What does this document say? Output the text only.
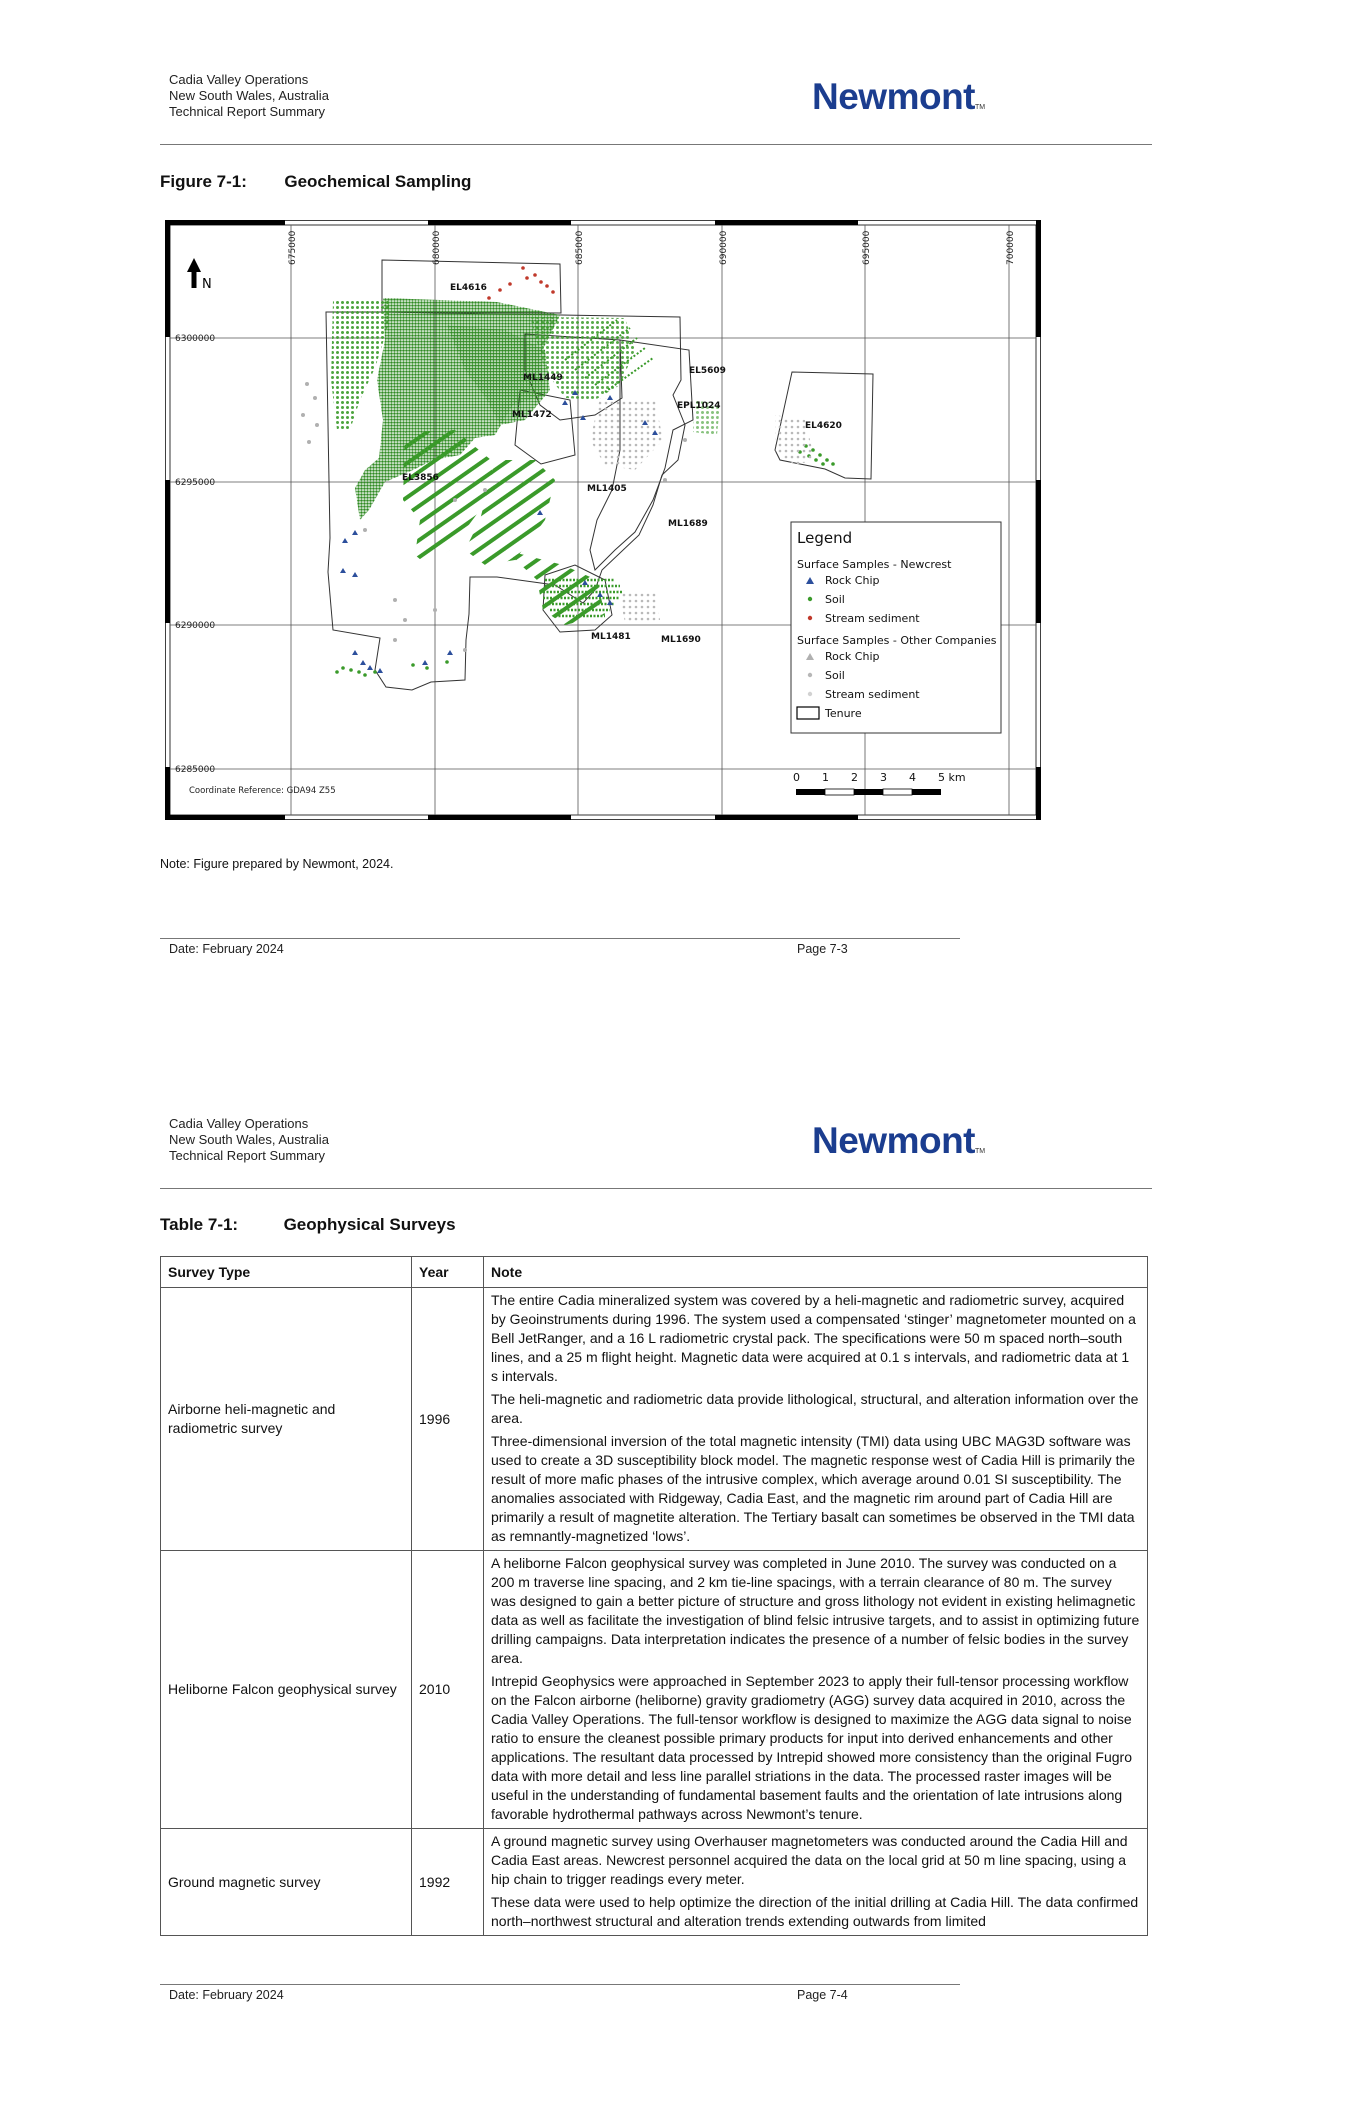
Cadia Valley Operations
New South Wales, Australia
Technical Report Summary	NewmontTM
Figure 7-1: Geochemical Sampling
675000	680000	685000	690000	695000	700000
6300000
6295000
6290000
6285000
N	EL4616
EL5609
EPL1024
ML1449
ML1472
EL4620
EL3856
ML1405
ML1689
ML1481	ML1690
Legend
Surface Samples - Newcrest
Rock Chip
Soil
Stream sediment
Surface Samples - Other Companies
Rock Chip
Soil
Stream sediment
Tenure
Coordinate Reference: GDA94 Z55
0 1 2 3 4 5 km
Note: Figure prepared by Newmont, 2024.
Date: February 2024	Page 7-3
Cadia Valley Operations
New South Wales, Australia
Technical Report Summary	NewmontTM
Table 7-1:	Geophysical Surveys
Survey Type	Year	Note
Airborne heli-magnetic and radiometric survey	1996	The entire Cadia mineralized system was covered by a heli-magnetic and radiometric survey, acquired by Geoinstruments during 1996. The system used a compensated ‘stinger’ magnetometer mounted on a Bell JetRanger, and a 16 L radiometric crystal pack. The specifications were 50 m spaced north–south lines, and a 25 m flight height. Magnetic data were acquired at 0.1 s intervals, and radiometric data at 1 s intervals.

The heli-magnetic and radiometric data provide lithological, structural, and alteration information over the area.

Three-dimensional inversion of the total magnetic intensity (TMI) data using UBC MAG3D software was used to create a 3D susceptibility block model. The magnetic response west of Cadia Hill is primarily the result of more mafic phases of the intrusive complex, which average around 0.01 SI susceptibility. The anomalies associated with Ridgeway, Cadia East, and the magnetic rim around part of Cadia Hill are primarily a result of magnetite alteration. The Tertiary basalt can sometimes be observed in the TMI data as remnantly-magnetized ‘lows’.

Heliborne Falcon geophysical survey	2010	A heliborne Falcon geophysical survey was completed in June 2010. The survey was conducted on a 200 m traverse line spacing, and 2 km tie-line spacings, with a terrain clearance of 80 m. The survey was designed to gain a better picture of structure and gross lithology not evident in existing helimagnetic data as well as facilitate the investigation of blind felsic intrusive targets, and to assist in optimizing future drilling campaigns. Data interpretation indicates the presence of a number of felsic bodies in the survey area.

Intrepid Geophysics were approached in September 2023 to apply their full-tensor processing workflow on the Falcon airborne (heliborne) gravity gradiometry (AGG) survey data acquired in 2010, across the Cadia Valley Operations. The full-tensor workflow is designed to maximize the AGG data signal to noise ratio to ensure the cleanest possible primary products for input into derived enhancements and other applications. The resultant data processed by Intrepid showed more consistency than the original Fugro data with more detail and less line parallel striations in the data. The processed raster images will be useful in the understanding of fundamental basement faults and the orientation of late intrusions along favorable hydrothermal pathways across Newmont’s tenure.

Ground magnetic survey	1992	A ground magnetic survey using Overhauser magnetometers was conducted around the Cadia Hill and Cadia East areas. Newcrest personnel acquired the data on the local grid at 50 m line spacing, using a hip chain to trigger readings every meter.

These data were used to help optimize the direction of the initial drilling at Cadia Hill. The data confirmed north–northwest structural and alteration trends extending outwards from limited

Date: February 2024	Page 7-4
